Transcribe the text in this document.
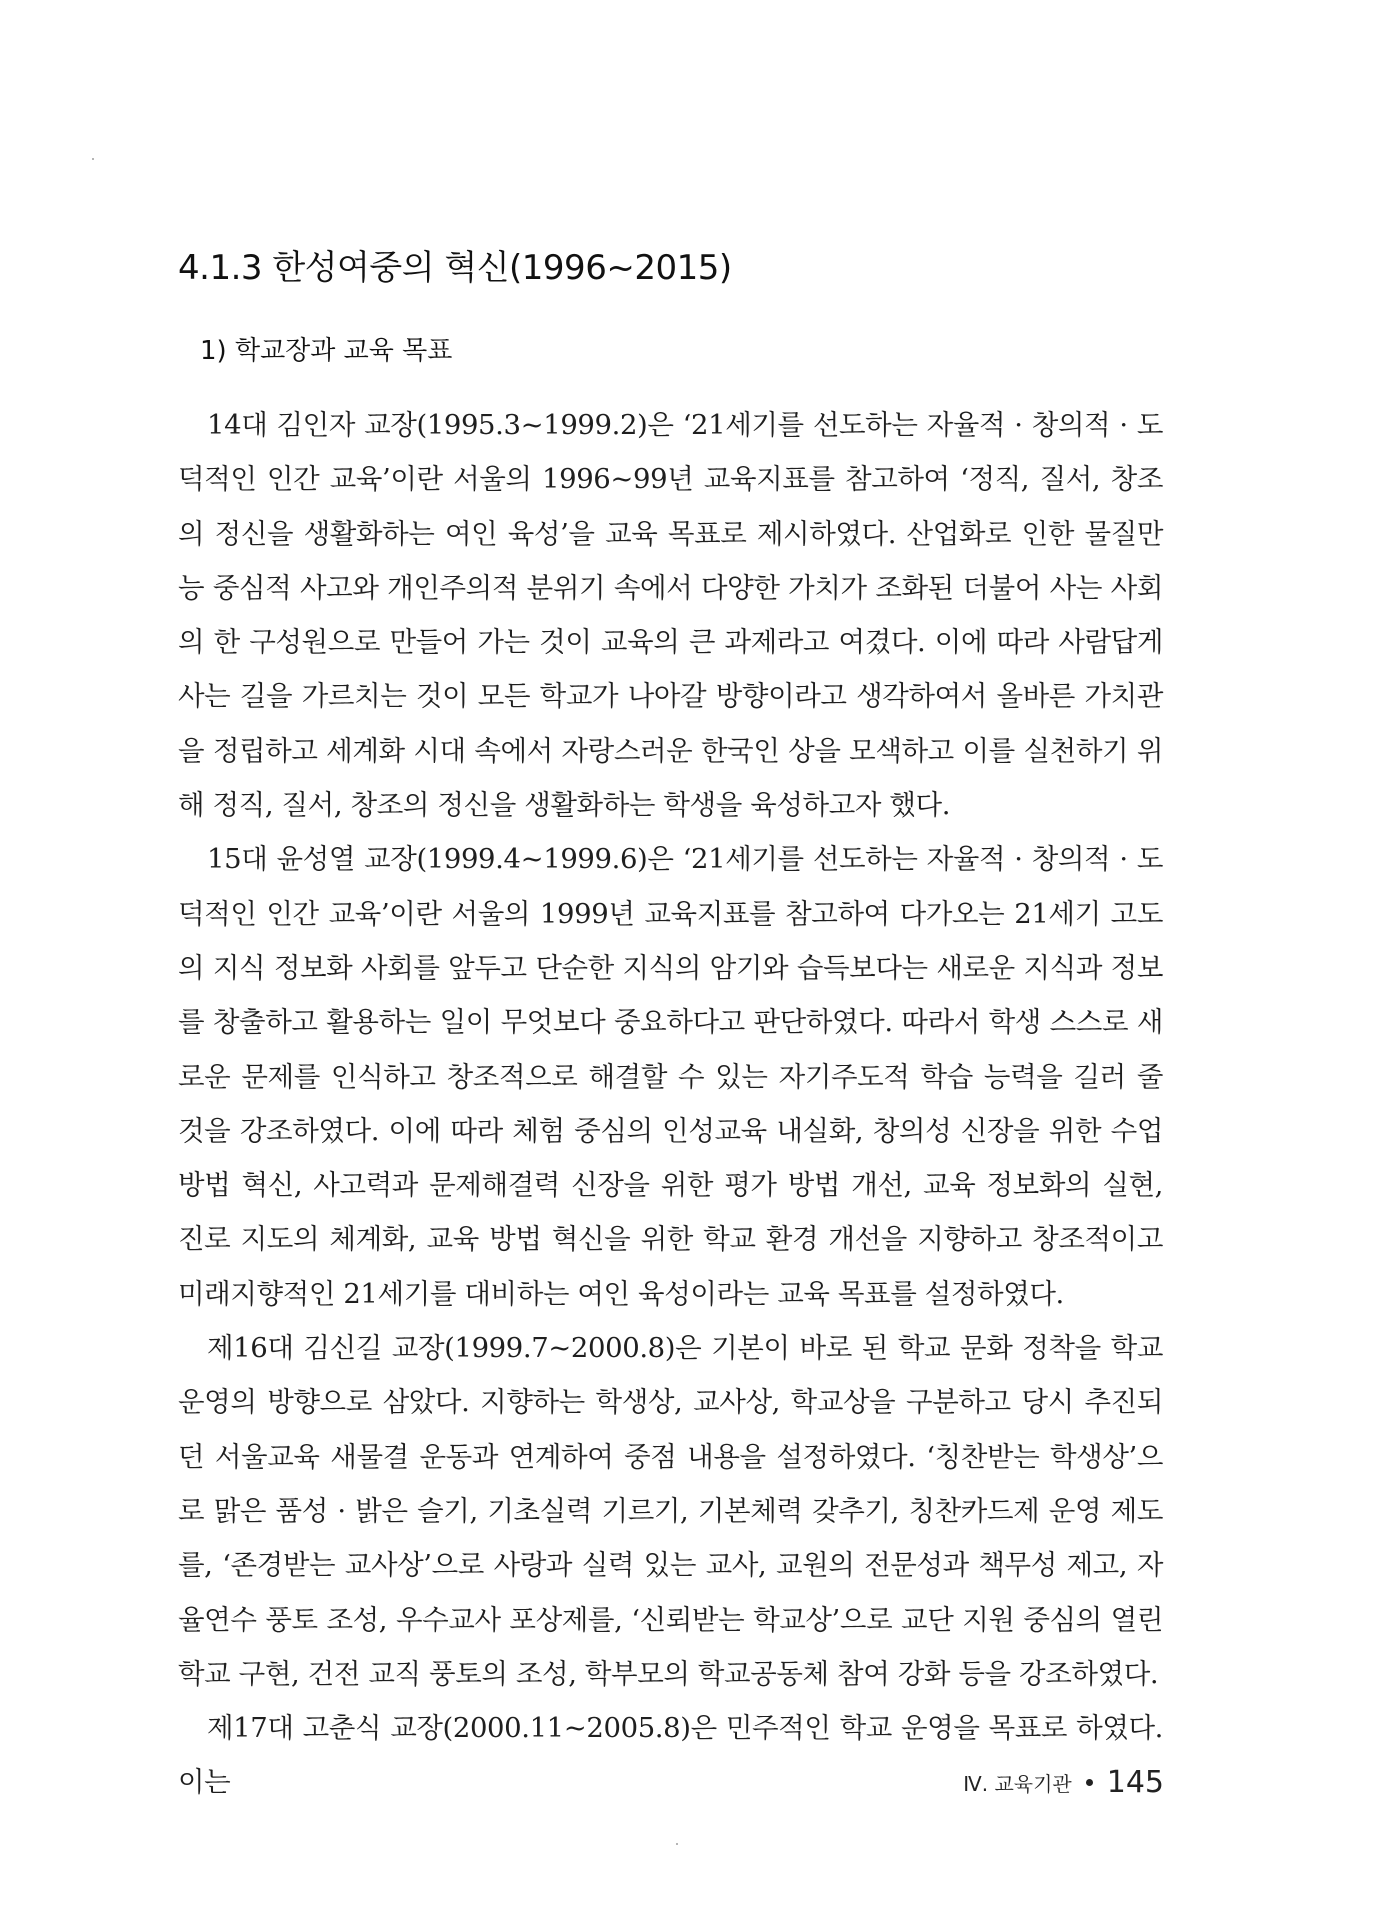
4.1.3 한성여중의 혁신(1996~2015)
1) 학교장과 교육 목표

14대 김인자 교장(1995.3~1999.2)은 ‘21세기를 선도하는 자율적 · 창의적 · 도덕적인 인간 교육’이란 서울의 1996~99년 교육지표를 참고하여 ‘정직, 질서, 창조의 정신을 생활화하는 여인 육성’을 교육 목표로 제시하였다. 산업화로 인한 물질만능 중심적 사고와 개인주의적 분위기 속에서 다양한 가치가 조화된 더불어 사는 사회의 한 구성원으로 만들어 가는 것이 교육의 큰 과제라고 여겼다. 이에 따라 사람답게 사는 길을 가르치는 것이 모든 학교가 나아갈 방향이라고 생각하여서 올바른 가치관을 정립하고 세계화 시대 속에서 자랑스러운 한국인 상을 모색하고 이를 실천하기 위해 정직, 질서, 창조의 정신을 생활화하는 학생을 육성하고자 했다.

15대 윤성열 교장(1999.4~1999.6)은 ‘21세기를 선도하는 자율적 · 창의적 · 도덕적인 인간 교육’이란 서울의 1999년 교육지표를 참고하여 다가오는 21세기 고도의 지식 정보화 사회를 앞두고 단순한 지식의 암기와 습득보다는 새로운 지식과 정보를 창출하고 활용하는 일이 무엇보다 중요하다고 판단하였다. 따라서 학생 스스로 새로운 문제를 인식하고 창조적으로 해결할 수 있는 자기주도적 학습 능력을 길러 줄 것을 강조하였다. 이에 따라 체험 중심의 인성교육 내실화, 창의성 신장을 위한 수업 방법 혁신, 사고력과 문제해결력 신장을 위한 평가 방법 개선, 교육 정보화의 실현, 진로 지도의 체계화, 교육 방법 혁신을 위한 학교 환경 개선을 지향하고 창조적이고 미래지향적인 21세기를 대비하는 여인 육성이라는 교육 목표를 설정하였다.

제16대 김신길 교장(1999.7~2000.8)은 기본이 바로 된 학교 문화 정착을 학교 운영의 방향으로 삼았다. 지향하는 학생상, 교사상, 학교상을 구분하고 당시 추진되던 서울교육 새물결 운동과 연계하여 중점 내용을 설정하였다. ‘칭찬받는 학생상’으로 맑은 품성 · 밝은 슬기, 기초실력 기르기, 기본체력 갖추기, 칭찬카드제 운영 제도를, ‘존경받는 교사상’으로 사랑과 실력 있는 교사, 교원의 전문성과 책무성 제고, 자율연수 풍토 조성, 우수교사 포상제를, ‘신뢰받는 학교상’으로 교단 지원 중심의 열린 학교 구현, 건전 교직 풍토의 조성, 학부모의 학교공동체 참여 강화 등을 강조하였다.

제17대 고춘식 교장(2000.11~2005.8)은 민주적인 학교 운영을 목표로 하였다. 이는	Ⅳ. 교육기관 145
